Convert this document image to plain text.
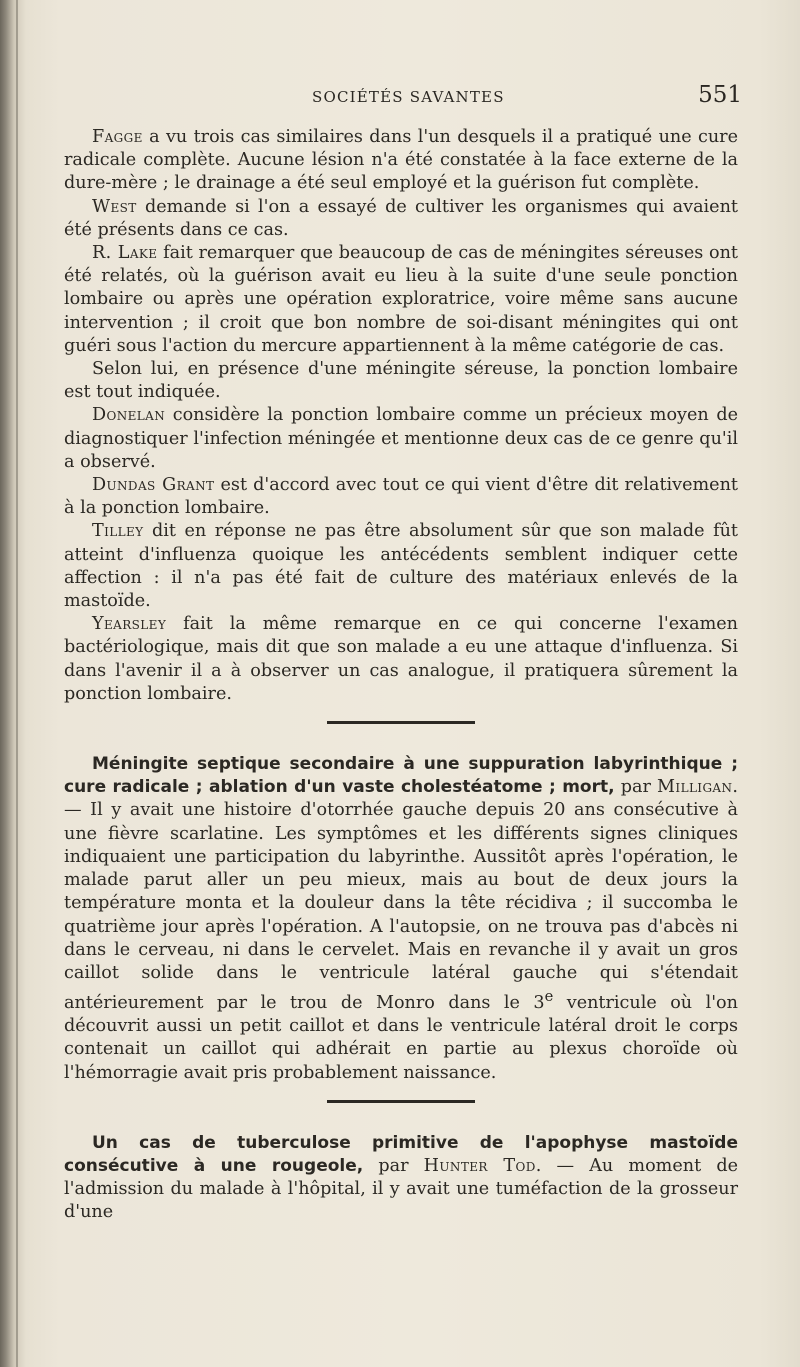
SOCIÉTÉS SAVANTES	551

Fagge a vu trois cas similaires dans l'un desquels il a pratiqué une cure radicale complète. Aucune lésion n'a été constatée à la face externe de la dure-mère ; le drainage a été seul employé et la guérison fut complète.

West demande si l'on a essayé de cultiver les organismes qui avaient été présents dans ce cas.

R. Lake fait remarquer que beaucoup de cas de méningites séreuses ont été relatés, où la guérison avait eu lieu à la suite d'une seule ponction lombaire ou après une opération exploratrice, voire même sans aucune intervention ; il croit que bon nombre de soi-disant méningites qui ont guéri sous l'action du mercure appartiennent à la même catégorie de cas.

Selon lui, en présence d'une méningite séreuse, la ponction lombaire est tout indiquée.

Donelan considère la ponction lombaire comme un précieux moyen de diagnostiquer l'infection méningée et mentionne deux cas de ce genre qu'il a observé.

Dundas Grant est d'accord avec tout ce qui vient d'être dit relativement à la ponction lombaire.

Tilley dit en réponse ne pas être absolument sûr que son malade fût atteint d'influenza quoique les antécédents semblent indiquer cette affection : il n'a pas été fait de culture des matériaux enlevés de la mastoïde.

Yearsley fait la même remarque en ce qui concerne l'examen bactériologique, mais dit que son malade a eu une attaque d'influenza. Si dans l'avenir il a à observer un cas analogue, il pratiquera sûrement la ponction lombaire.

Méningite septique secondaire à une suppuration labyrinthique ; cure radicale ; ablation d'un vaste cholestéatome ; mort, par Milligan. — Il y avait une histoire d'otorrhée gauche depuis 20 ans consécutive à une fièvre scarlatine. Les symptômes et les différents signes cliniques indiquaient une participation du labyrinthe. Aussitôt après l'opération, le malade parut aller un peu mieux, mais au bout de deux jours la température monta et la douleur dans la tête récidiva ; il succomba le quatrième jour après l'opération. A l'autopsie, on ne trouva pas d'abcès ni dans le cerveau, ni dans le cervelet. Mais en revanche il y avait un gros caillot solide dans le ventricule latéral gauche qui s'étendait antérieurement par le trou de Monro dans le 3e ventricule où l'on découvrit aussi un petit caillot et dans le ventricule latéral droit le corps contenait un caillot qui adhérait en partie au plexus choroïde où l'hémorragie avait pris probablement naissance.

Un cas de tuberculose primitive de l'apophyse mastoïde consécutive à une rougeole, par Hunter Tod. — Au moment de l'admission du malade à l'hôpital, il y avait une tuméfaction de la grosseur d'une
